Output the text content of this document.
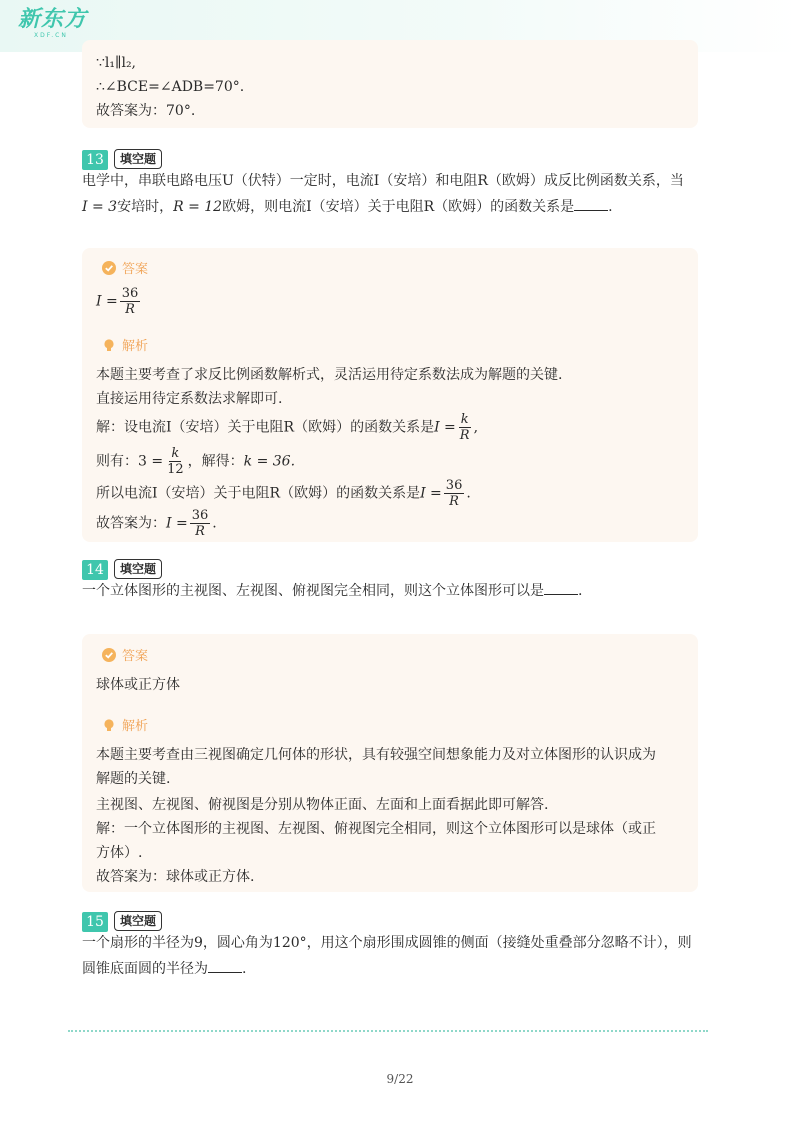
新东方
XDF.CN
∵l₁∥l₂,
∴∠BCE=∠ADB=70°.
故答案为：70°.
13	填空题
电学中，串联电路电压U（伏特）一定时，电流I（安培）和电阻R（欧姆）成反比例函数关系，当
I = 3安培时，R = 12欧姆，则电流I（安培）关于电阻R（欧姆）的函数关系是 .
答案
$I = \frac{36}{R}$
解析
本题主要考查了求反比例函数解析式，灵活运用待定系数法成为解题的关键.
直接运用待定系数法求解即可.
解：设电流I（安培）关于电阻R（欧姆）的函数关系是$I = \frac{k}{R}$ ,
则有：$3 = \frac{k}{12}$ ，解得：k = 36.
所以电流I（安培）关于电阻R（欧姆）的函数关系是$I = \frac{36}{R}$ .
故答案为：$I = \frac{36}{R}$ .
14	填空题
一个立体图形的主视图、左视图、俯视图完全相同，则这个立体图形可以是 .
答案
球体或正方体
解析
本题主要考查由三视图确定几何体的形状，具有较强空间想象能力及对立体图形的认识成为
解题的关键.
主视图、左视图、俯视图是分别从物体正面、左面和上面看据此即可解答.
解：一个立体图形的主视图、左视图、俯视图完全相同，则这个立体图形可以是球体（或正
方体）.
故答案为：球体或正方体.
15	填空题
一个扇形的半径为9，圆心角为120°，用这个扇形围成圆锥的侧面（接缝处重叠部分忽略不计），则
圆锥底面圆的半径为 .
9/22
